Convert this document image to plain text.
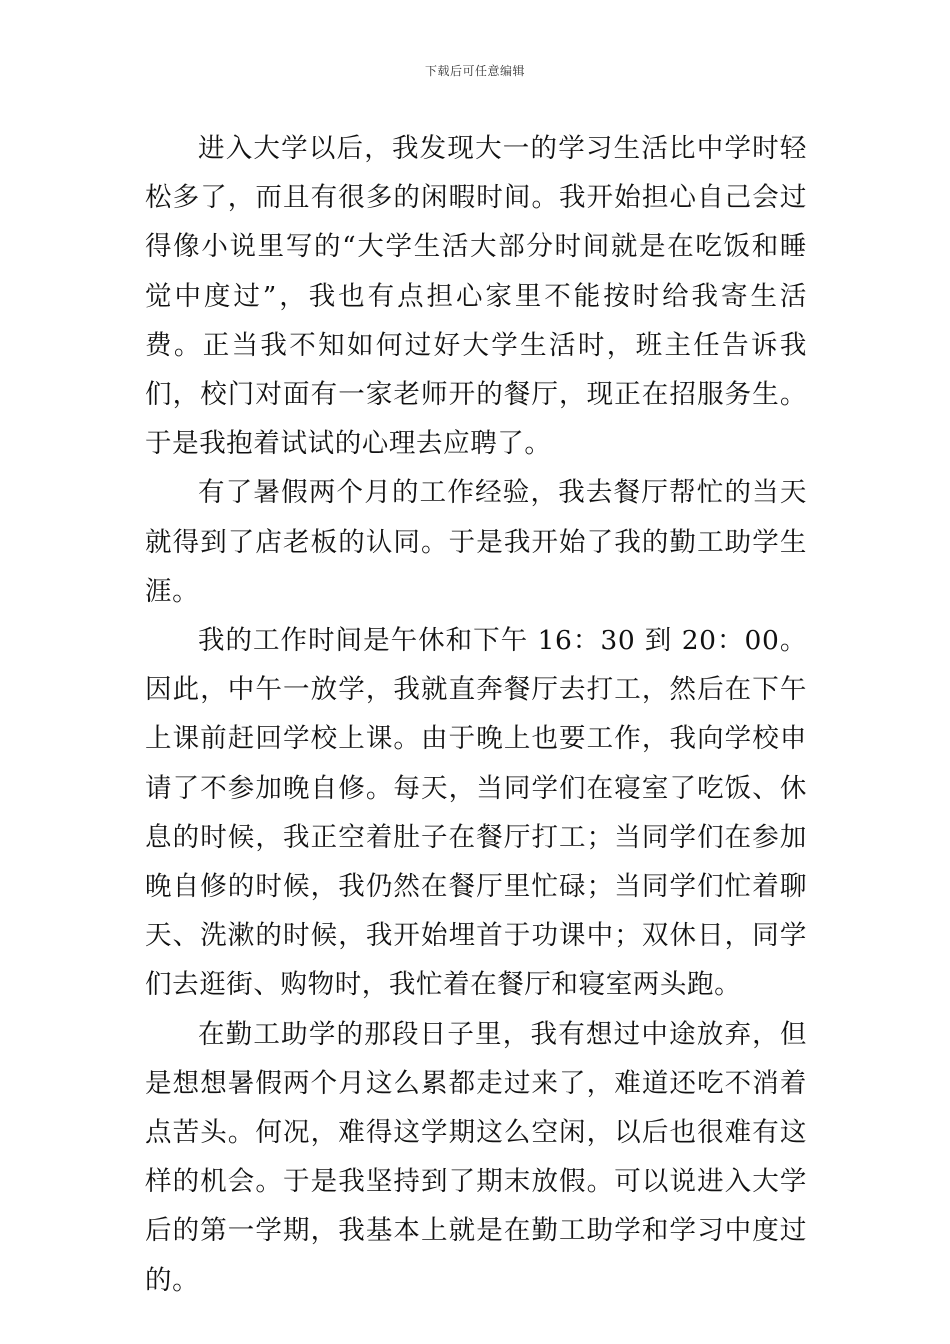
下载后可任意编辑

进入大学以后，我发现大一的学习生活比中学时轻松多了，而且有很多的闲暇时间。我开始担心自己会过得像小说里写的“大学生活大部分时间就是在吃饭和睡觉中度过”，我也有点担心家里不能按时给我寄生活费。正当我不知如何过好大学生活时，班主任告诉我们，校门对面有一家老师开的餐厅，现正在招服务生。于是我抱着试试的心理去应聘了。

有了暑假两个月的工作经验，我去餐厅帮忙的当天就得到了店老板的认同。于是我开始了我的勤工助学生涯。

我的工作时间是午休和下午 16：30 到 20：00。因此，中午一放学，我就直奔餐厅去打工，然后在下午上课前赶回学校上课。由于晚上也要工作，我向学校申请了不参加晚自修。每天，当同学们在寝室了吃饭、休息的时候，我正空着肚子在餐厅打工；当同学们在参加晚自修的时候，我仍然在餐厅里忙碌；当同学们忙着聊天、洗漱的时候，我开始埋首于功课中；双休日，同学们去逛街、购物时，我忙着在餐厅和寝室两头跑。

在勤工助学的那段日子里，我有想过中途放弃，但是想想暑假两个月这么累都走过来了，难道还吃不消着点苦头。何况，难得这学期这么空闲，以后也很难有这样的机会。于是我坚持到了期末放假。可以说进入大学后的第一学期，我基本上就是在勤工助学和学习中度过的。
